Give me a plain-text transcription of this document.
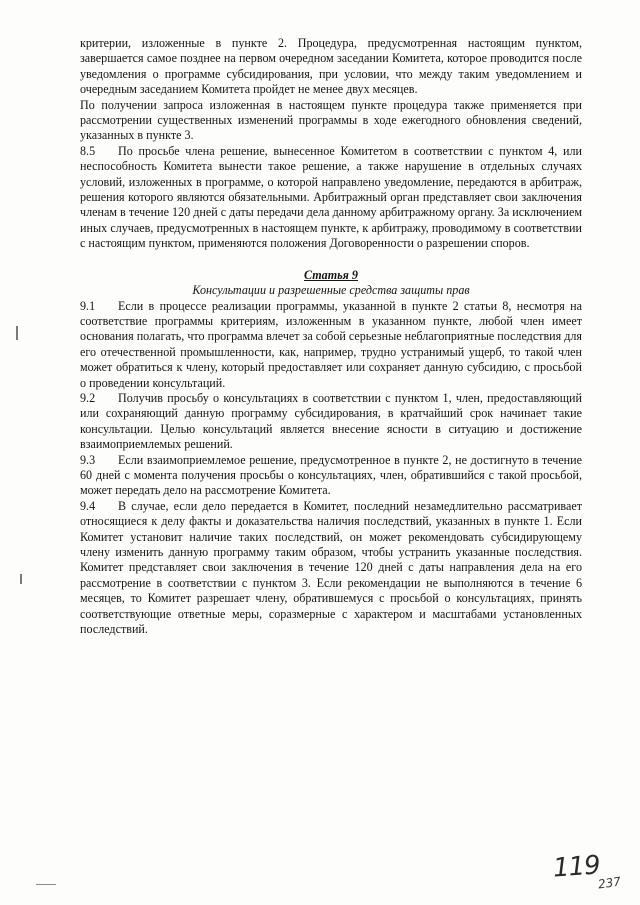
критерии, изложенные в пункте 2. Процедура, предусмотренная настоящим пунктом, завершается самое позднее на первом очередном заседании Комитета, которое проводится после уведомления о программе субсидирования, при условии, что между таким уведомлением и очередным заседанием Комитета пройдет не менее двух месяцев.

По получении запроса изложенная в настоящем пункте процедура также применяется при рассмотрении существенных изменений программы в ходе ежегодного обновления сведений, указанных в пункте 3.

8.5 По просьбе члена решение, вынесенное Комитетом в соответствии с пунктом 4, или неспособность Комитета вынести такое решение, а также нарушение в отдельных случаях условий, изложенных в программе, о которой направлено уведомление, передаются в арбитраж, решения которого являются обязательными. Арбитражный орган представляет свои заключения членам в течение 120 дней с даты передачи дела данному арбитражному органу. За исключением иных случаев, предусмотренных в настоящем пункте, к арбитражу, проводимому в соответствии с настоящим пунктом, применяются положения Договоренности о разрешении споров.

Статья 9

Консультации и разрешенные средства защиты прав

9.1 Если в процессе реализации программы, указанной в пункте 2 статьи 8, несмотря на соответствие программы критериям, изложенным в указанном пункте, любой член имеет основания полагать, что программа влечет за собой серьезные неблагоприятные последствия для его отечественной промышленности, как, например, трудно устранимый ущерб, то такой член может обратиться к члену, который предоставляет или сохраняет данную субсидию, с просьбой о проведении консультаций.

9.2 Получив просьбу о консультациях в соответствии с пунктом 1, член, предоставляющий или сохраняющий данную программу субсидирования, в кратчайший срок начинает такие консультации. Целью консультаций является внесение ясности в ситуацию и достижение взаимоприемлемых решений.

9.3 Если взаимоприемлемое решение, предусмотренное в пункте 2, не достигнуто в течение 60 дней с момента получения просьбы о консультациях, член, обратившийся с такой просьбой, может передать дело на рассмотрение Комитета.

9.4 В случае, если дело передается в Комитет, последний незамедлительно рассматривает относящиеся к делу факты и доказательства наличия последствий, указанных в пункте 1. Если Комитет установит наличие таких последствий, он может рекомендовать субсидирующему члену изменить данную программу таким образом, чтобы устранить указанные последствия. Комитет представляет свои заключения в течение 120 дней с даты направления дела на его рассмотрение в соответствии с пунктом 3. Если рекомендации не выполняются в течение 6 месяцев, то Комитет разрешает члену, обратившемуся с просьбой о консультациях, принять соответствующие ответные меры, соразмерные с характером и масштабами установленных последствий.

119
237
